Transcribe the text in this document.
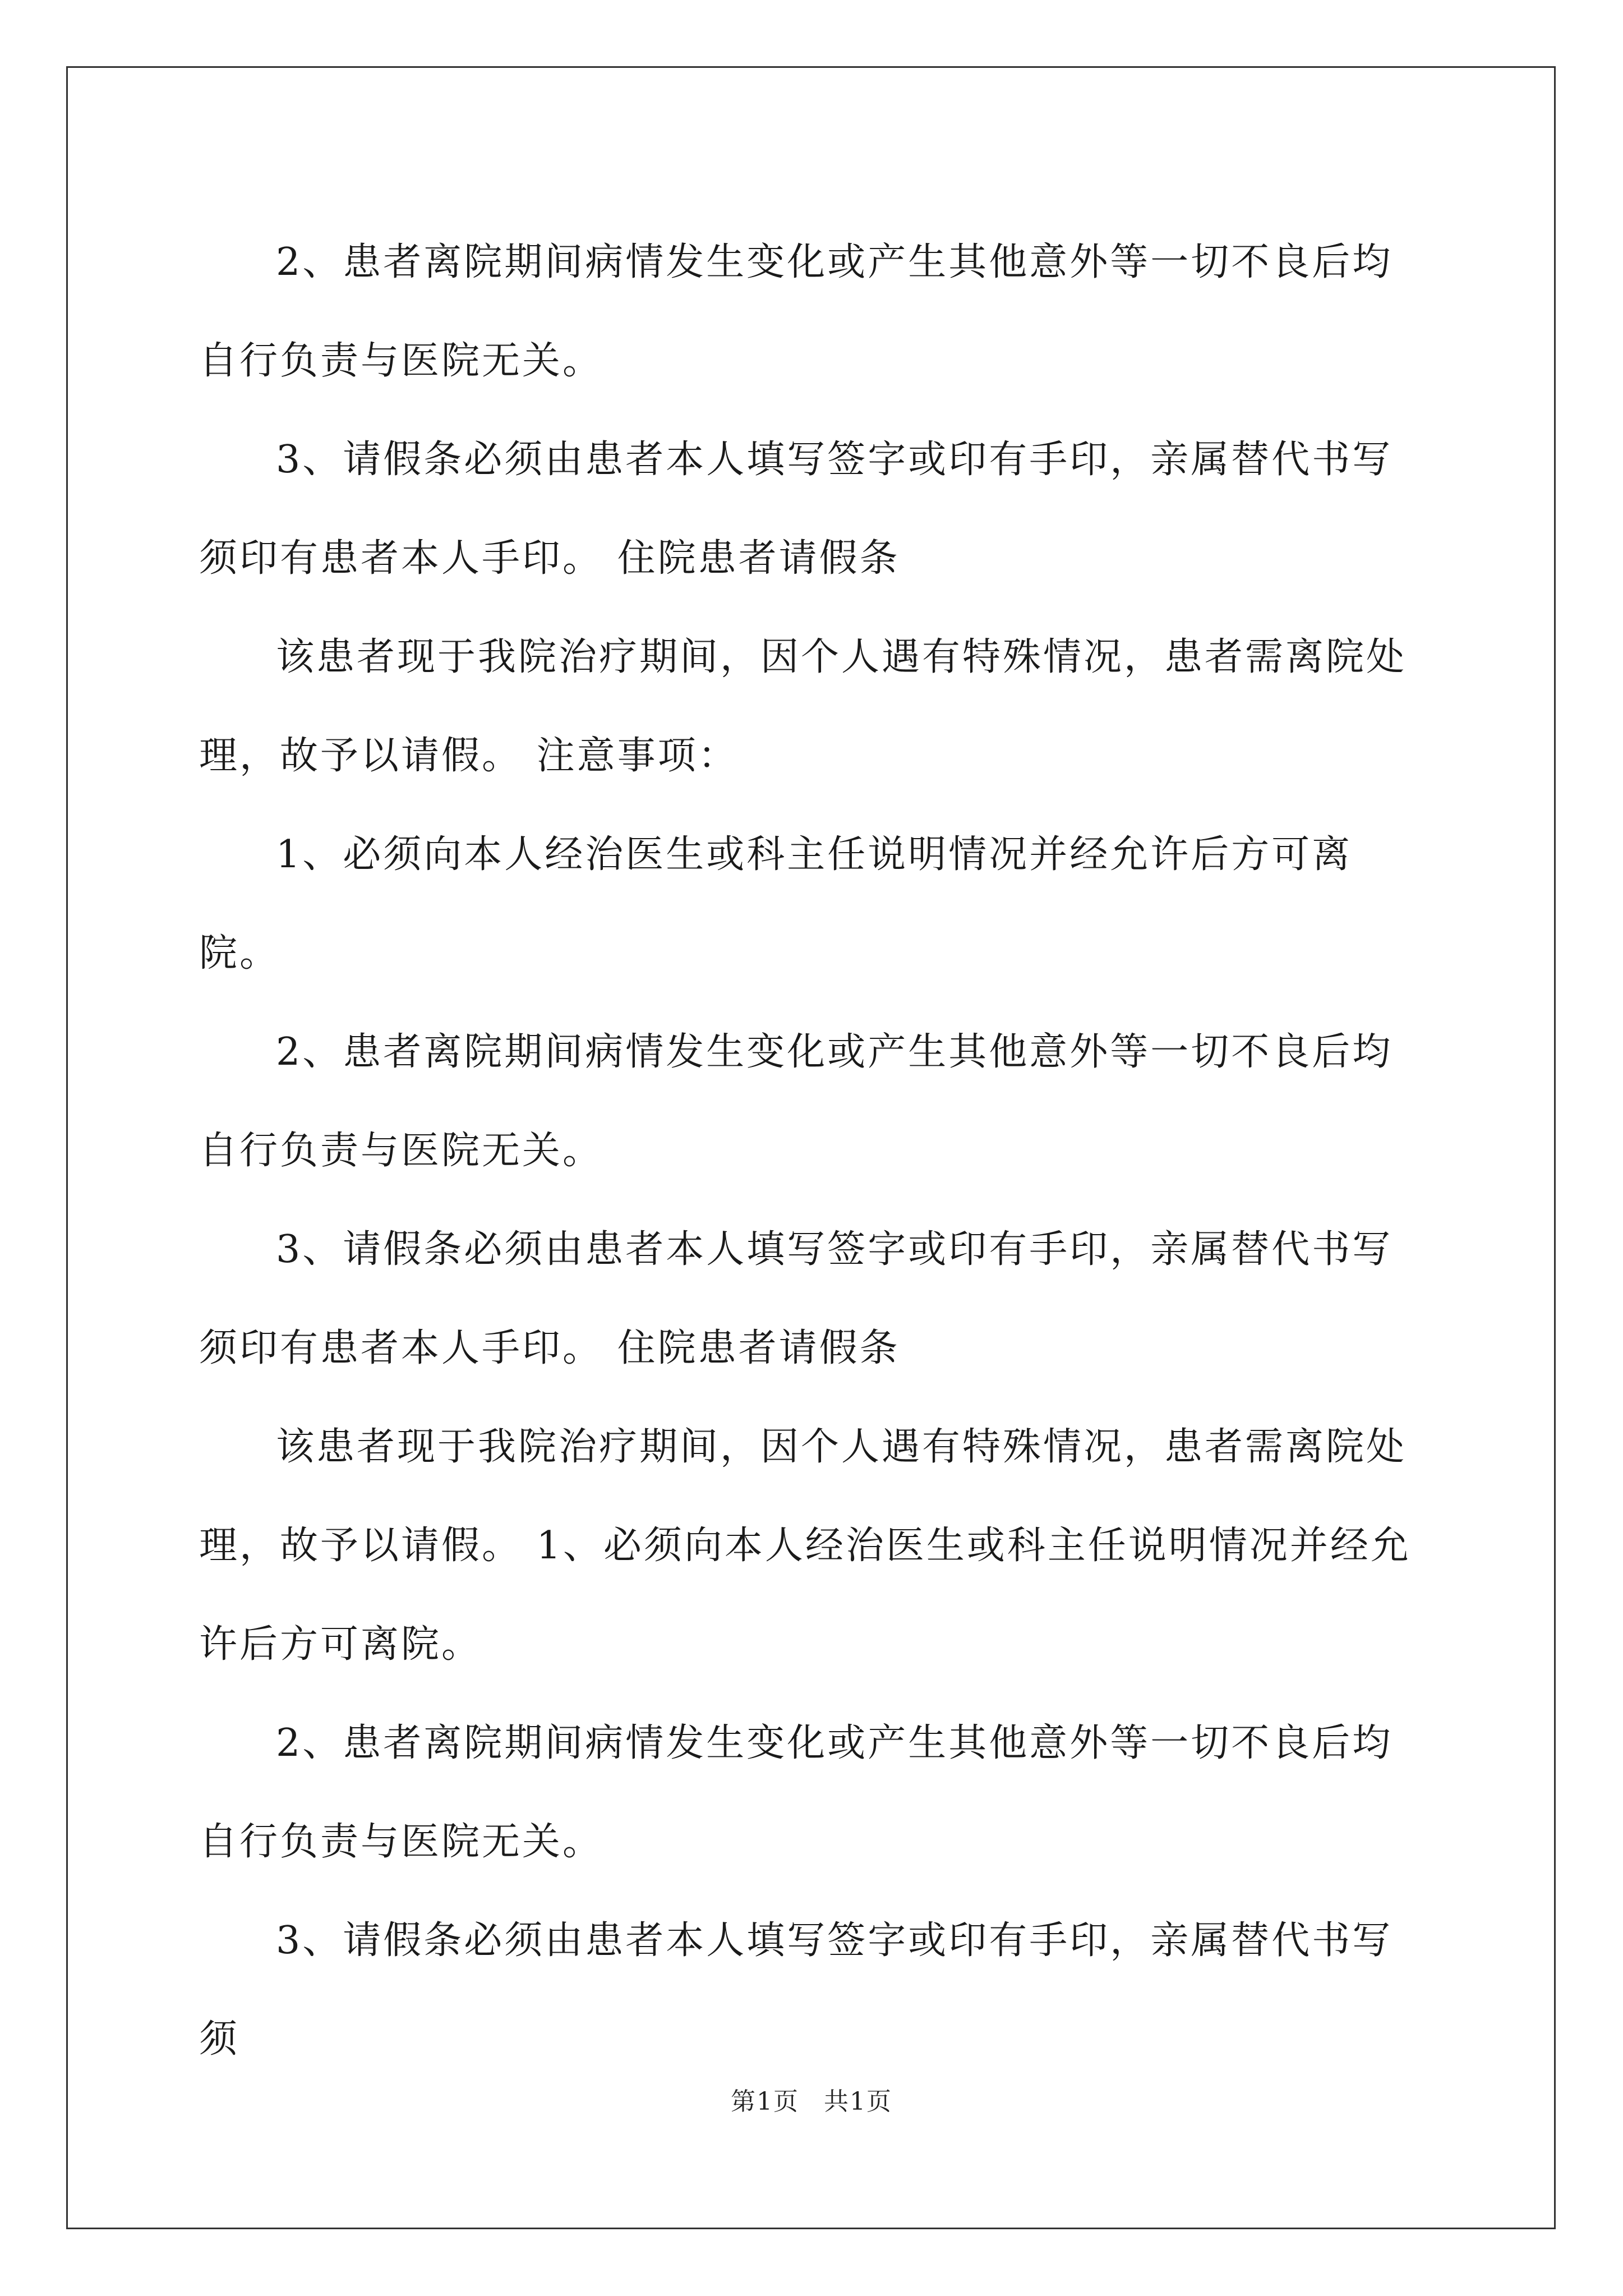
2、患者离院期间病情发生变化或产生其他意外等一切不良后均自行负责与医院无关。

3、请假条必须由患者本人填写签字或印有手印，亲属替代书写须印有患者本人手印。 住院患者请假条

该患者现于我院治疗期间，因个人遇有特殊情况，患者需离院处理，故予以请假。 注意事项：

1、必须向本人经治医生或科主任说明情况并经允许后方可离院。

2、患者离院期间病情发生变化或产生其他意外等一切不良后均自行负责与医院无关。

3、请假条必须由患者本人填写签字或印有手印，亲属替代书写须印有患者本人手印。 住院患者请假条

该患者现于我院治疗期间，因个人遇有特殊情况，患者需离院处理，故予以请假。 1、必须向本人经治医生或科主任说明情况并经允许后方可离院。

2、患者离院期间病情发生变化或产生其他意外等一切不良后均自行负责与医院无关。

3、请假条必须由患者本人填写签字或印有手印，亲属替代书写须

第1页 共1页
